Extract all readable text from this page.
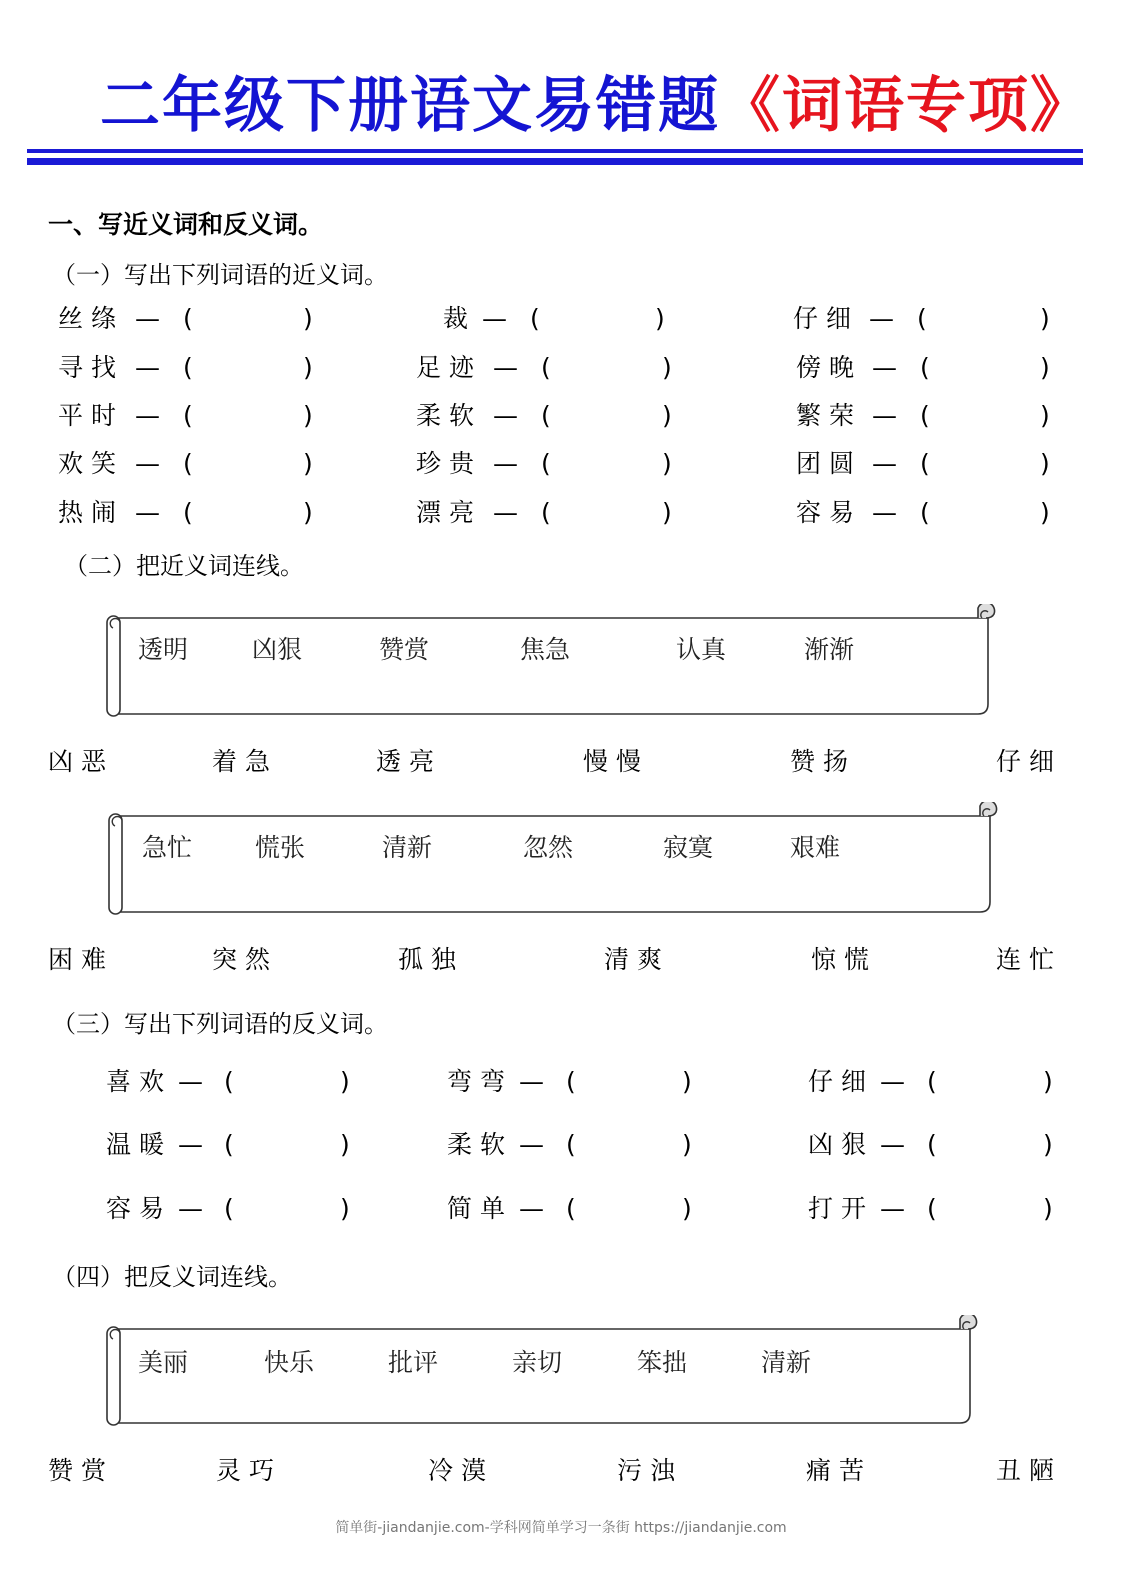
二年级下册语文易错题《词语专项》
一、写近义词和反义词。
（一）写出下列词语的近义词。
丝绦 — (	)	裁 — (	)	仔细 — (	)
寻找 — (	)	足迹 — (	)	傍晚 — (	)
平时 — (	)	柔软 — (	)	繁荣 — (	)
欢笑 — (	)	珍贵 — (	)	团圆 — (	)
热闹 — (	)	漂亮 — (	)	容易 — (	)
（二）把近义词连线。
透明	凶狠	赞赏	焦急	认真	渐渐
凶恶	着急	透亮	慢慢	赞扬	仔细
急忙	慌张	清新	忽然	寂寞	艰难
困难	突然	孤独	清爽	惊慌	连忙
（三）写出下列词语的反义词。
喜欢 — (	)	弯弯 — (	)	仔细 — (	)
温暖 — (	)	柔软 — (	)	凶狠 — (	)
容易 — (	)	简单 — (	)	打开 — (	)
（四）把反义词连线。
美丽	快乐	批评	亲切	笨拙	清新
赞赏	灵巧	冷漠	污浊	痛苦	丑陋
简单街-jiandanjie.com-学科网简单学习一条街 https://jiandanjie.com
